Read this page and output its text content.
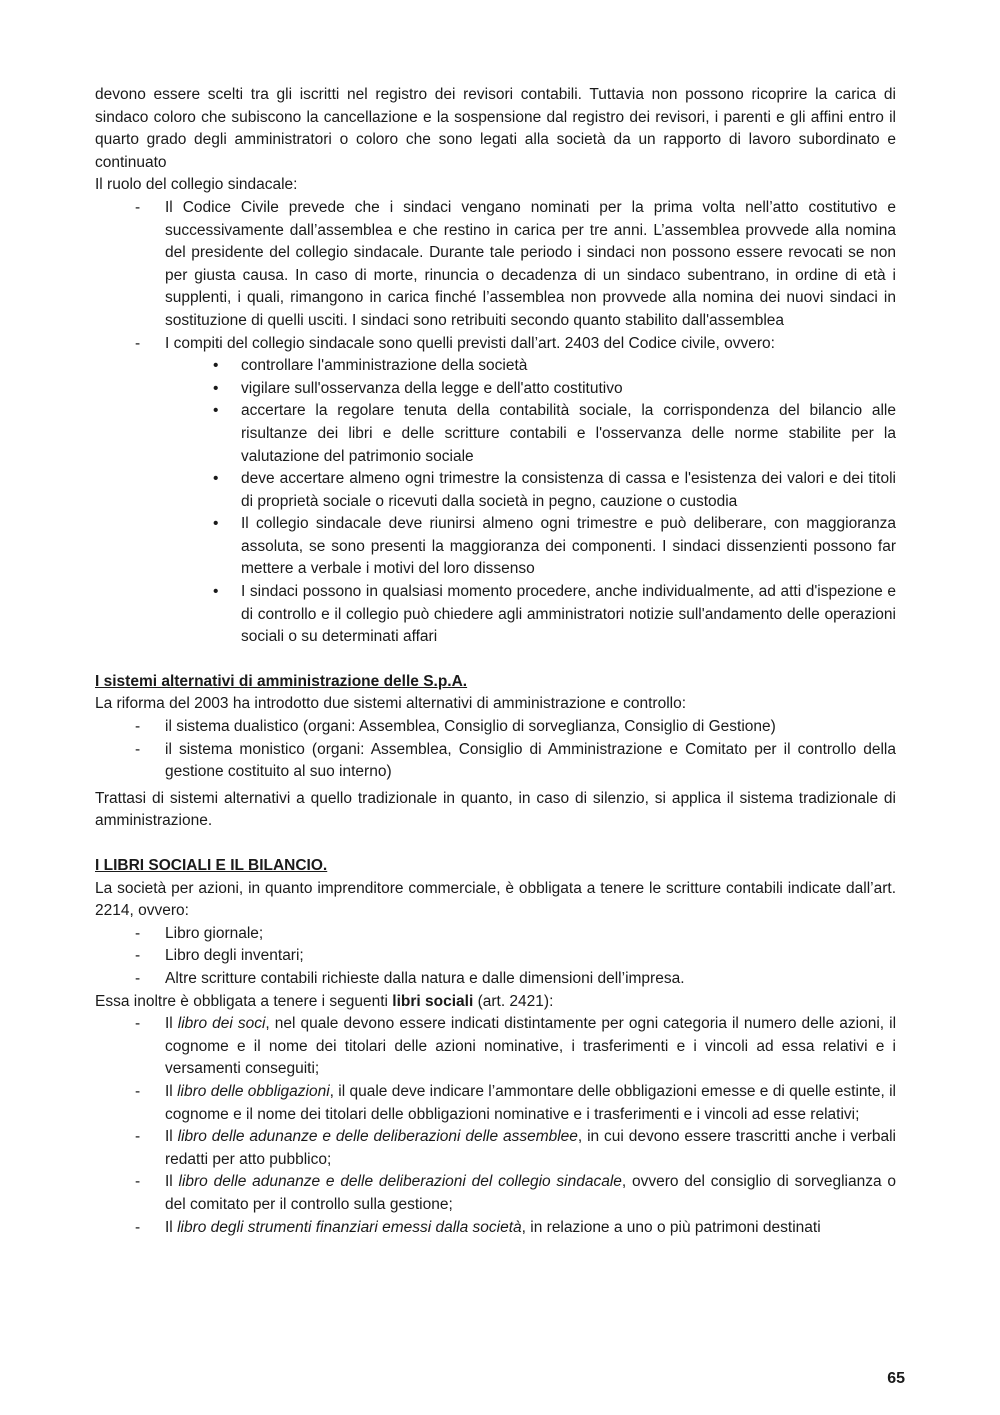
devono essere scelti tra gli iscritti nel registro dei revisori contabili. Tuttavia non possono ricoprire la carica di sindaco coloro che subiscono la cancellazione e la sospensione dal registro dei revisori, i parenti e gli affini entro il quarto grado degli amministratori o coloro che sono legati alla società da un rapporto di lavoro subordinato e continuato

Il ruolo del collegio sindacale:

- Il Codice Civile prevede che i sindaci vengano nominati per la prima volta nell’atto costitutivo e successivamente dall’assemblea e che restino in carica per tre anni. L’assemblea provvede alla nomina del presidente del collegio sindacale. Durante tale periodo i sindaci non possono essere revocati se non per giusta causa. In caso di morte, rinuncia o decadenza di un sindaco subentrano, in ordine di età i supplenti, i quali, rimangono in carica finché l’assemblea non provvede alla nomina dei nuovi sindaci in sostituzione di quelli usciti. I sindaci sono retribuiti secondo quanto stabilito dall'assemblea
- I compiti del collegio sindacale sono quelli previsti dall’art. 2403 del Codice civile, ovvero:
• controllare l'amministrazione della società
• vigilare sull'osservanza della legge e dell'atto costitutivo
• accertare la regolare tenuta della contabilità sociale, la corrispondenza del bilancio alle risultanze dei libri e delle scritture contabili e l'osservanza delle norme stabilite per la valutazione del patrimonio sociale
• deve accertare almeno ogni trimestre la consistenza di cassa e l'esistenza dei valori e dei titoli di proprietà sociale o ricevuti dalla società in pegno, cauzione o custodia
• Il collegio sindacale deve riunirsi almeno ogni trimestre e può deliberare, con maggioranza assoluta, se sono presenti la maggioranza dei componenti. I sindaci dissenzienti possono far mettere a verbale i motivi del loro dissenso
• I sindaci possono in qualsiasi momento procedere, anche individualmente, ad atti d'ispezione e di controllo e il collegio può chiedere agli amministratori notizie sull'andamento delle operazioni sociali o su determinati affari

I sistemi alternativi di amministrazione delle S.p.A.

La riforma del 2003 ha introdotto due sistemi alternativi di amministrazione e controllo:

- il sistema dualistico (organi: Assemblea, Consiglio di sorveglianza, Consiglio di Gestione)
- il sistema monistico (organi: Assemblea, Consiglio di Amministrazione e Comitato per il controllo della gestione costituito al suo interno)

Trattasi di sistemi alternativi a quello tradizionale in quanto, in caso di silenzio, si applica il sistema tradizionale di amministrazione.

I LIBRI SOCIALI E IL BILANCIO.

La società per azioni, in quanto imprenditore commerciale, è obbligata a tenere le scritture contabili indicate dall’art. 2214, ovvero:

- Libro giornale;
- Libro degli inventari;
- Altre scritture contabili richieste dalla natura e dalle dimensioni dell’impresa.

Essa inoltre è obbligata a tenere i seguenti libri sociali (art. 2421):

- Il libro dei soci, nel quale devono essere indicati distintamente per ogni categoria il numero delle azioni, il cognome e il nome dei titolari delle azioni nominative, i trasferimenti e i vincoli ad essa relativi e i versamenti conseguiti;
- Il libro delle obbligazioni, il quale deve indicare l’ammontare delle obbligazioni emesse e di quelle estinte, il cognome e il nome dei titolari delle obbligazioni nominative e i trasferimenti e i vincoli ad esse relativi;
- Il libro delle adunanze e delle deliberazioni delle assemblee, in cui devono essere trascritti anche i verbali redatti per atto pubblico;
- Il libro delle adunanze e delle deliberazioni del collegio sindacale, ovvero del consiglio di sorveglianza o del comitato per il controllo sulla gestione;
- Il libro degli strumenti finanziari emessi dalla società, in relazione a uno o più patrimoni destinati
65
